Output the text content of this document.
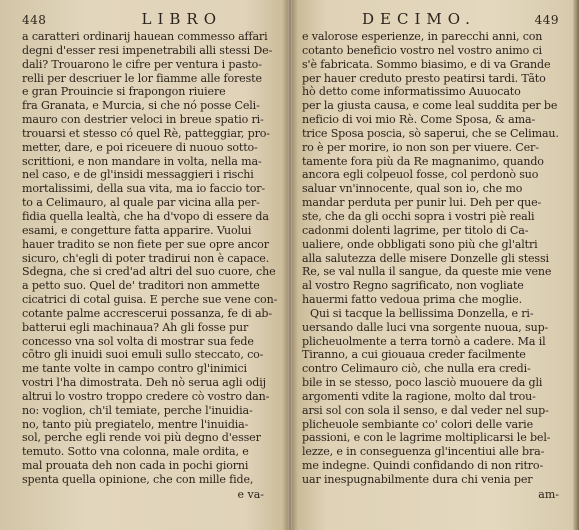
448	LIBRO
a caratteri ordinarij hauean commesso affari
degni d'esser resi impenetrabili alli stessi De-
dali? Trouarono le cifre per ventura i pasto-
relli per descriuer le lor fiamme alle foreste
e gran Prouincie si frapongon riuiere
fra Granata, e Murcia, si che nó posse Celi-
mauro con destrier veloci in breue spatio ri-
trouarsi et stesso có quel Rè, patteggiar, pro-
metter, dare, e poi riceuere di nuouo sotto-
scrittioni, e non mandare in volta, nella ma-
nel caso, e de gl'insidi messaggieri i rischi
mortalissimi, della sua vita, ma io faccio tor-
to a Celimauro, al quale par vicina alla per-
fidia quella lealtà, che ha d'vopo di essere da
esami, e congetture fatta apparire. Vuolui
hauer tradito se non fiete per sue opre ancor
sicuro, ch'egli di poter tradirui non è capace.
Sdegna, che si cred'ad altri del suo cuore, che
a petto suo. Quel de' traditori non ammette
cicatrici di cotal guisa. E perche sue vene con-
cotante palme accrescerui possanza, fe di ab-
batterui egli machinaua? Ah gli fosse pur
concesso vna sol volta di mostrar sua fede
cõtro gli inuidi suoi emuli sullo steccato, co-
me tante volte in campo contro gl'inimici
vostri l'ha dimostrata. Deh nò serua agli odij
altrui lo vostro troppo credere cò vostro dan-
no: voglion, ch'il temiate, perche l'inuidia-
no, tanto più pregiatelo, mentre l'inuidia-
sol, perche egli rende voi più degno d'esser
temuto. Sotto vna colonna, male ordita, e
mal prouata deh non cada in pochi giorni
spenta quella opinione, che con mille fide,
e va-
DECIMO.	449
e valorose esperienze, in parecchi anni, con
cotanto beneficio vostro nel vostro animo ci
s'è fabricata. Sommo biasimo, e di va Grande
per hauer creduto presto peatirsi tardi. Tãto
hò detto come informatissimo Auuocato
per la giusta causa, e come leal suddita per be
neficio di voi mio Rè. Come Sposa, & ama-
trice Sposa poscia, sò saperui, che se Celimau.
ro è per morire, io non son per viuere. Cer-
tamente fora più da Re magnanimo, quando
ancora egli colpeuol fosse, col perdonò suo
saluar vn'innocente, qual son io, che mo
mandar perduta per punir lui. Deh per que-
ste, che da gli occhi sopra i vostri piè reali
cadonmi dolenti lagrime, per titolo di Ca-
ualiere, onde obbligati sono più che gl'altri
alla salutezza delle misere Donzelle gli stessi
Re, se val nulla il sangue, da queste mie vene
al vostro Regno sagrificato, non vogliate
hauermi fatto vedoua prima che moglie.
Qui si tacque la bellissima Donzella, e ri-
uersando dalle luci vna sorgente nuoua, sup-
plicheuolmente a terra tornò a cadere. Ma il
Tiranno, a cui giouaua creder facilmente
contro Celimauro ciò, che nulla era credi-
bile in se stesso, poco lasciò muouere da gli
argomenti vdite la ragione, molto dal trou-
arsi sol con sola il senso, e dal veder nel sup-
plicheuole sembiante co' colori delle varie
passioni, e con le lagrime moltiplicarsi le bel-
lezze, e in conseguenza gl'incentiui alle bra-
me indegne. Quindi confidando di non ritro-
uar inespugnabilmente dura chi venia per
am-
